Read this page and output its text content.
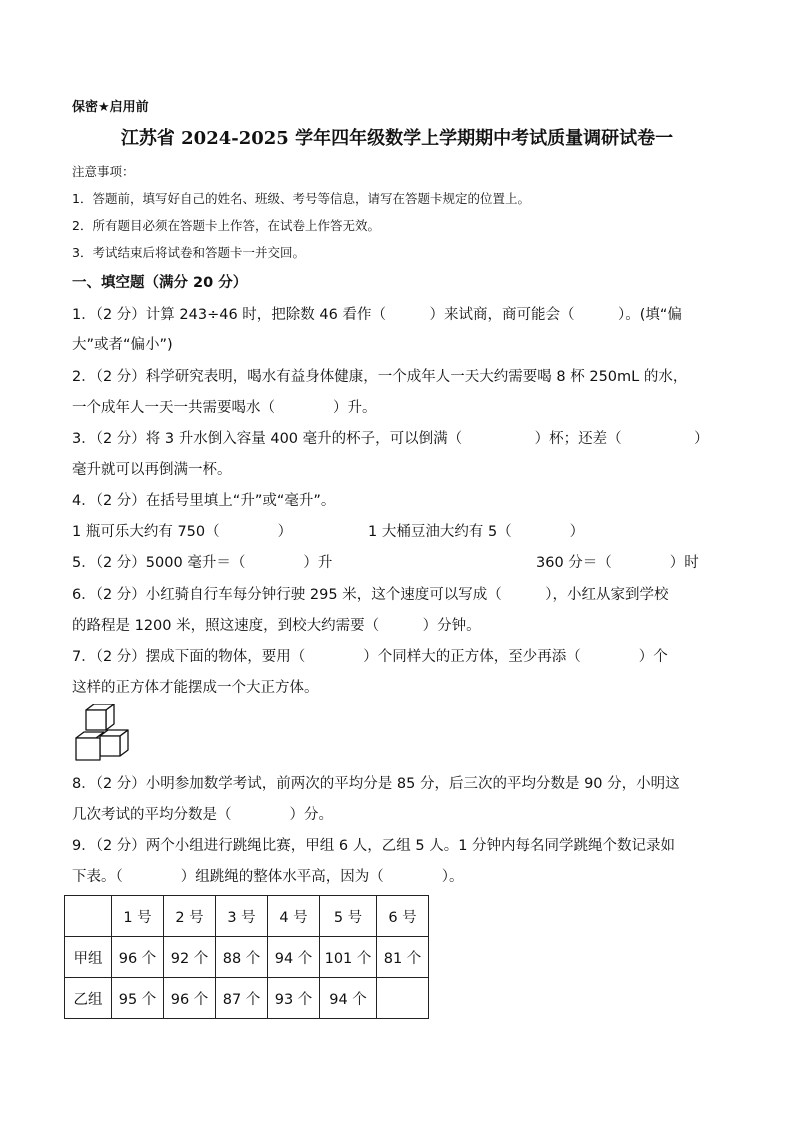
保密★启用前
江苏省 2024-2025 学年四年级数学上学期期中考试质量调研试卷一
注意事项：
1．答题前，填写好自己的姓名、班级、考号等信息，请写在答题卡规定的位置上。
2．所有题目必须在答题卡上作答，在试卷上作答无效。
3．考试结束后将试卷和答题卡一并交回。
一、填空题（满分 20 分）
1．（2 分）计算 243÷46 时，把除数 46 看作（　　　）来试商，商可能会（　　　）。(填“偏
大”或者“偏小”)
2．（2 分）科学研究表明，喝水有益身体健康，一个成年人一天大约需要喝 8 杯 250mL 的水，
一个成年人一天一共需要喝水（　　　　）升。
3．（2 分）将 3 升水倒入容量 400 毫升的杯子，可以倒满（　　　　　）杯；还差（　　　　　）
毫升就可以再倒满一杯。
4．（2 分）在括号里填上“升”或“毫升”。
1 瓶可乐大约有 750（　　　　）	1 大桶豆油大约有 5（　　　　）
5．（2 分）5000 毫升＝（　　　　）升	360 分＝（　　　　）时
6．（2 分）小红骑自行车每分钟行驶 295 米，这个速度可以写成（　　　），小红从家到学校
的路程是 1200 米，照这速度，到校大约需要（　　　）分钟。
7．（2 分）摆成下面的物体，要用（　　　　）个同样大的正方体，至少再添（　　　　）个
这样的正方体才能摆成一个大正方体。
8．（2 分）小明参加数学考试，前两次的平均分是 85 分，后三次的平均分数是 90 分，小明这
几次考试的平均分数是（　　　　）分。
9．（2 分）两个小组进行跳绳比赛，甲组 6 人，乙组 5 人。1 分钟内每名同学跳绳个数记录如
下表。（　　　　）组跳绳的整体水平高，因为（　　　　）。
	1 号	2 号	3 号	4 号	5 号	6 号
甲组	96 个	92 个	88 个	94 个	101 个	81 个
乙组	95 个	96 个	87 个	93 个	94 个	
